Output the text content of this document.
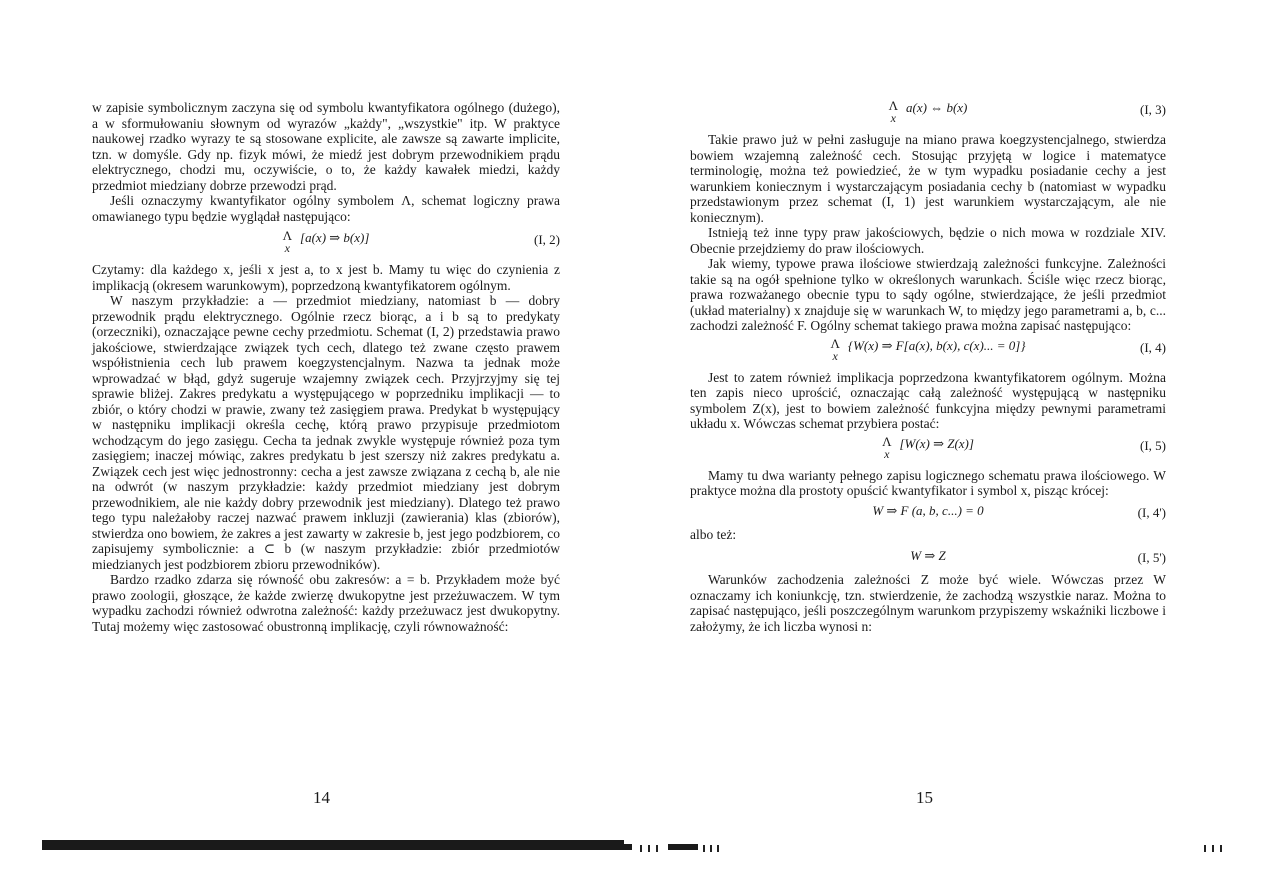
w zapisie symbolicznym zaczyna się od symbolu kwantyfikatora ogólnego (dużego), a w sformułowaniu słownym od wyrazów „każdy", „wszystkie" itp. W praktyce naukowej rzadko wyrazy te są stosowane explicite, ale zawsze są zawarte implicite, tzn. w domyśle. Gdy np. fizyk mówi, że miedź jest dobrym przewodnikiem prądu elektrycznego, chodzi mu, oczywiście, o to, że każdy kawałek miedzi, każdy przedmiot miedziany dobrze przewodzi prąd.

Jeśli oznaczymy kwantyfikator ogólny symbolem Λ, schemat logiczny prawa omawianego typu będzie wyglądał następująco:

Λ
x
[a(x) ⇒ b(x)]	(I, 2)

Czytamy: dla każdego x, jeśli x jest a, to x jest b. Mamy tu więc do czynienia z implikacją (okresem warunkowym), poprzedzoną kwantyfikatorem ogólnym.

W naszym przykładzie: a — przedmiot miedziany, natomiast b — dobry przewodnik prądu elektrycznego. Ogólnie rzecz biorąc, a i b są to predykaty (orzeczniki), oznaczające pewne cechy przedmiotu. Schemat (I, 2) przedstawia prawo jakościowe, stwierdzające związek tych cech, dlatego też zwane często prawem współistnienia cech lub prawem koegzystencjalnym. Nazwa ta jednak może wprowadzać w błąd, gdyż sugeruje wzajemny związek cech. Przyjrzyjmy się tej sprawie bliżej. Zakres predykatu a występującego w poprzedniku implikacji — to zbiór, o który chodzi w prawie, zwany też zasięgiem prawa. Predykat b występujący w następniku implikacji określa cechę, którą prawo przypisuje przedmiotom wchodzącym do jego zasięgu. Cecha ta jednak zwykle występuje również poza tym zasięgiem; inaczej mówiąc, zakres predykatu b jest szerszy niż zakres predykatu a. Związek cech jest więc jednostronny: cecha a jest zawsze związana z cechą b, ale nie na odwrót (w naszym przykładzie: każdy przedmiot miedziany jest dobrym przewodnikiem, ale nie każdy dobry przewodnik jest miedziany). Dlatego też prawo tego typu należałoby raczej nazwać prawem inkluzji (zawierania) klas (zbiorów), stwierdza ono bowiem, że zakres a jest zawarty w zakresie b, jest jego podzbiorem, co zapisujemy symbolicznie: a ⊂ b (w naszym przykładzie: zbiór przedmiotów miedzianych jest podzbiorem zbioru przewodników).

Bardzo rzadko zdarza się równość obu zakresów: a = b. Przykładem może być prawo zoologii, głoszące, że każde zwierzę dwukopytne jest przeżuwaczem. W tym wypadku zachodzi również odwrotna zależność: każdy przeżuwacz jest dwukopytny. Tutaj możemy więc zastosować obustronną implikację, czyli równoważność:

14
Λ
x
a(x) ⇔ b(x)	(I, 3)

Takie prawo już w pełni zasługuje na miano prawa koegzystencjalnego, stwierdza bowiem wzajemną zależność cech. Stosując przyjętą w logice i matematyce terminologię, można też powiedzieć, że w tym wypadku posiadanie cechy a jest warunkiem koniecznym i wystarczającym posiadania cechy b (natomiast w wypadku przedstawionym przez schemat (I, 1) jest warunkiem wystarczającym, ale nie koniecznym).

Istnieją też inne typy praw jakościowych, będzie o nich mowa w rozdziale XIV. Obecnie przejdziemy do praw ilościowych.

Jak wiemy, typowe prawa ilościowe stwierdzają zależności funkcyjne. Zależności takie są na ogół spełnione tylko w określonych warunkach. Ściśle więc rzecz biorąc, prawa rozważanego obecnie typu to sądy ogólne, stwierdzające, że jeśli przedmiot (układ materialny) x znajduje się w warunkach W, to między jego parametrami a, b, c... zachodzi zależność F. Ogólny schemat takiego prawa można zapisać następująco:

Λ
x
{W(x) ⇒ F[a(x), b(x), c(x)... = 0]}	(I, 4)

Jest to zatem również implikacja poprzedzona kwantyfikatorem ogólnym. Można ten zapis nieco uprościć, oznaczając całą zależność występującą w następniku symbolem Z(x), jest to bowiem zależność funkcyjna między pewnymi parametrami układu x. Wówczas schemat przybiera postać:

Λ
x
[W(x) ⇒ Z(x)]	(I, 5)

Mamy tu dwa warianty pełnego zapisu logicznego schematu prawa ilościowego. W praktyce można dla prostoty opuścić kwantyfikator i symbol x, pisząc krócej:

W ⇒ F (a, b, c...) = 0	(I, 4')

albo też:

W ⇒ Z	(I, 5')

Warunków zachodzenia zależności Z może być wiele. Wówczas przez W oznaczamy ich koniunkcję, tzn. stwierdzenie, że zachodzą wszystkie naraz. Można to zapisać następująco, jeśli poszczególnym warunkom przypiszemy wskaźniki liczbowe i założymy, że ich liczba wynosi n:

15
